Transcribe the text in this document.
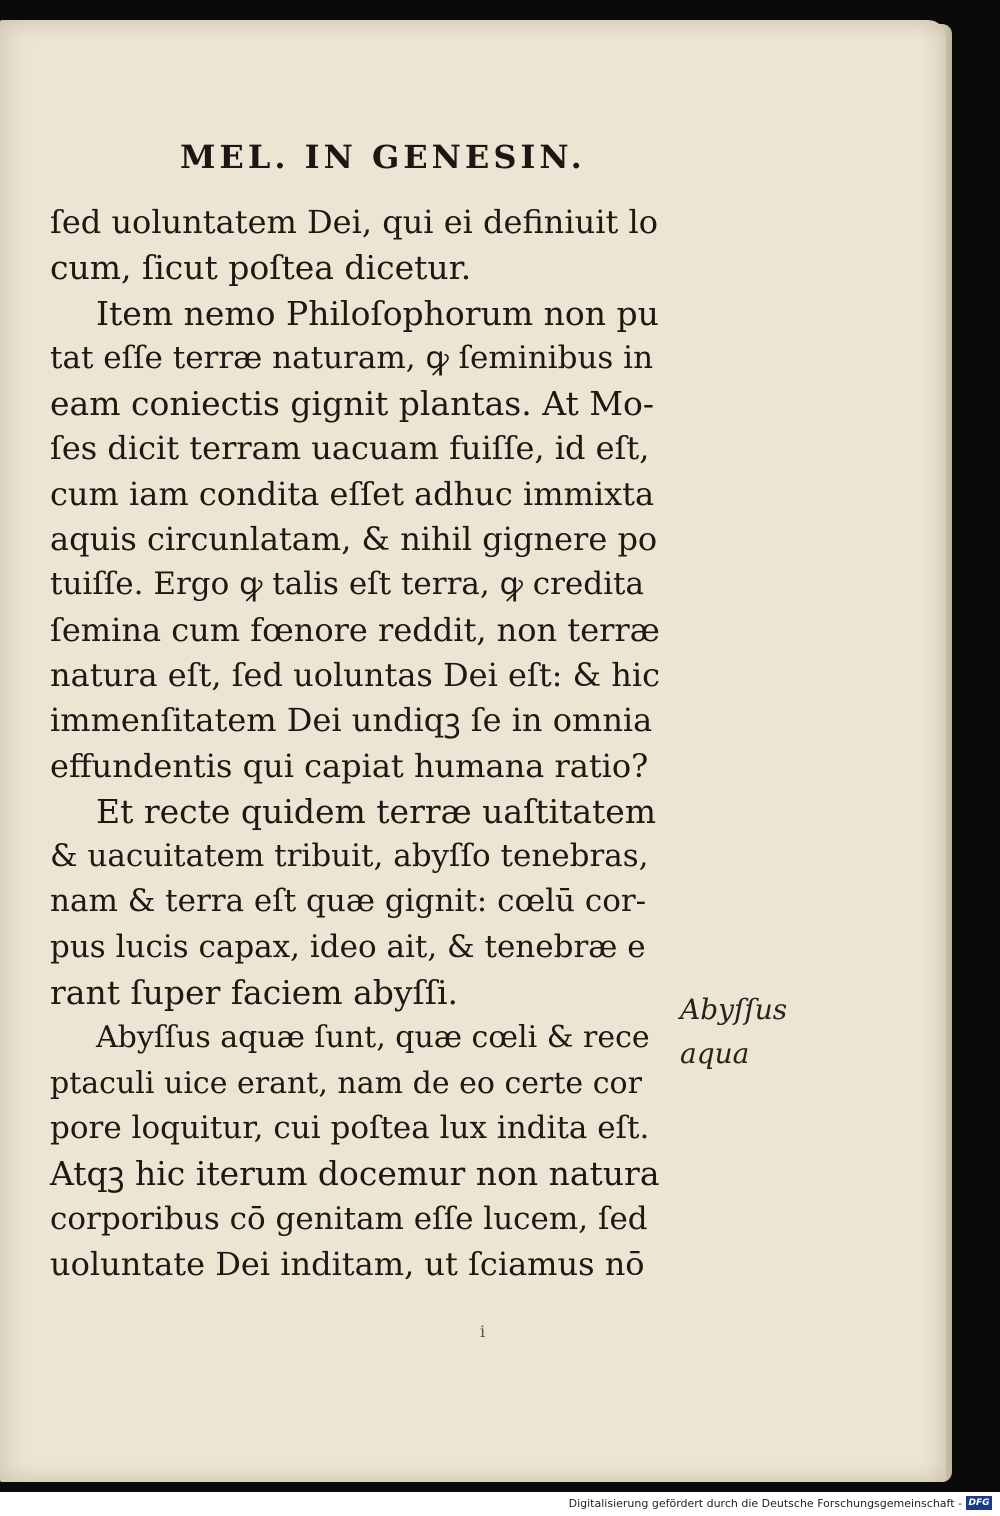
MEL. IN GENESIN.
ſed uoluntatem Dei, qui ei definiuit lo
cum, ſicut poſtea dicetur.
Item nemo Philoſophorum non pu
tat eſſe terræ naturam, ꝙ ſeminibus in
eam coniectis gignit plantas. At Mo‑
ſes dicit terram uacuam fuiſſe, id eſt,
cum iam condita eſſet adhuc immixta
aquis circunlatam, & nihil gignere po
tuiſſe. Ergo ꝙ talis eſt terra, ꝙ credita
ſemina cum fœnore reddit, non terræ
natura eſt, ſed uoluntas Dei eſt: & hic
immenſitatem Dei undiqꝫ ſe in omnia
effundentis qui capiat humana ratio?
Et recte quidem terræ uaſtitatem
& uacuitatem tribuit, abyſſo tenebras,
nam & terra eſt quæ gignit: cœlū cor‑
pus lucis capax, ideo ait, & tenebræ e
rant ſuper faciem abyſſi.
Abyſſus aquæ ſunt, quæ cœli & rece
ptaculi uice erant, nam de eo certe cor
pore loquitur, cui poſtea lux indita eſt.
Atqꝫ hic iterum docemur non natura
corporibus cō genitam eſſe lucem, ſed
uoluntate Dei inditam, ut ſciamus nō
Abyſſus
aqua
i
Digitalisierung gefördert durch die Deutsche Forschungsgemeinschaft - DFG
